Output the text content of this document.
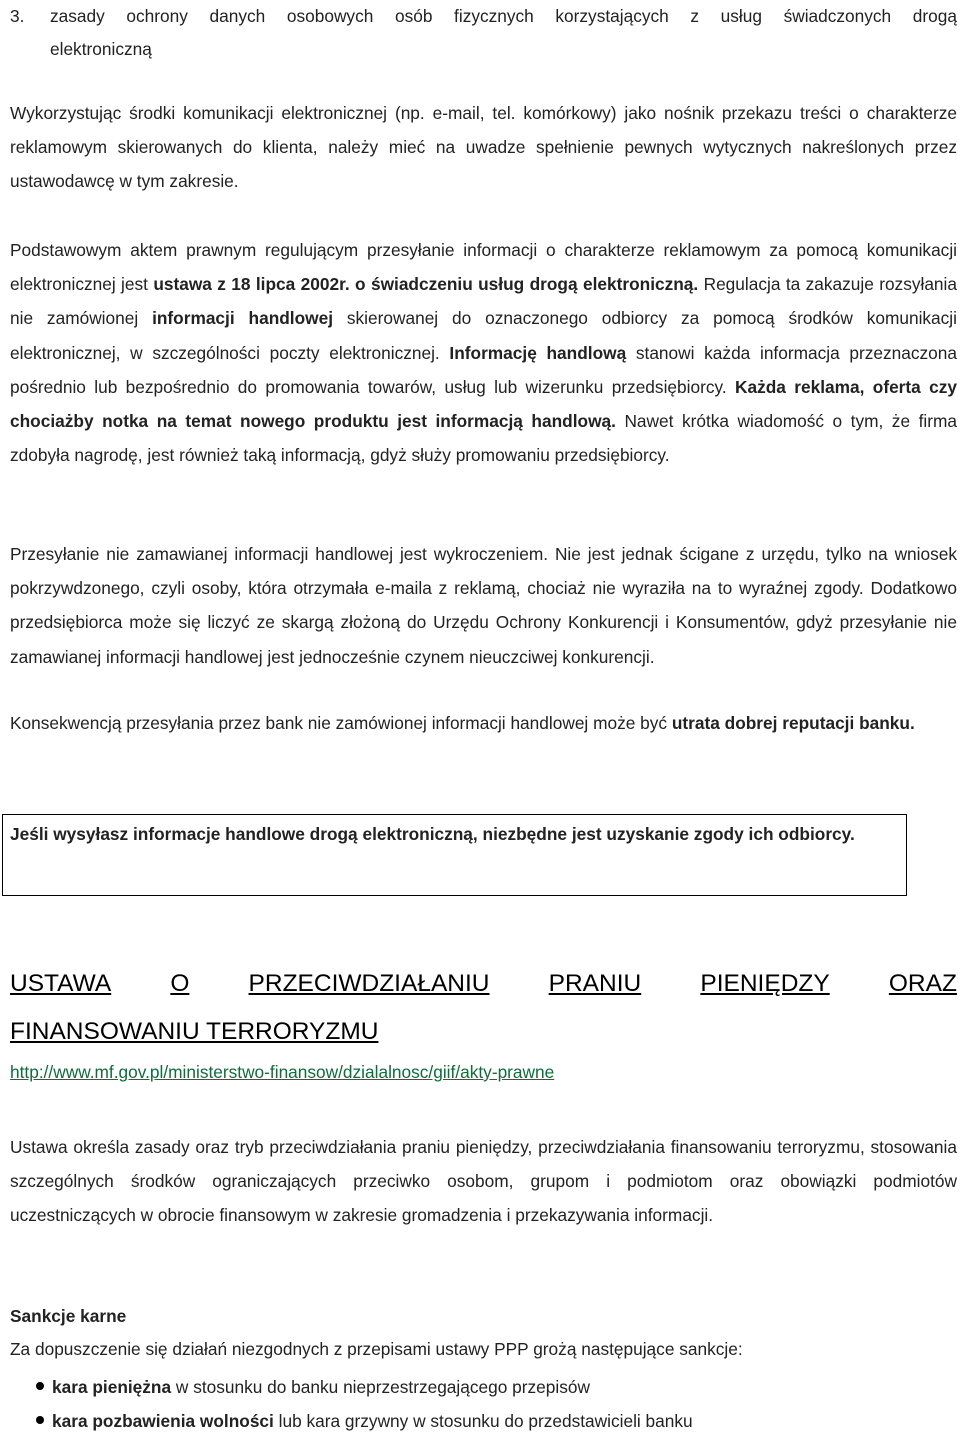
3. zasady ochrony danych osobowych osób fizycznych korzystających z usług świadczonych drogą
elektroniczną

Wykorzystując środki komunikacji elektronicznej (np. e-mail, tel. komórkowy) jako nośnik przekazu treści o charakterze reklamowym skierowanych do klienta, należy mieć na uwadze spełnienie pewnych wytycznych nakreślonych przez ustawodawcę w tym zakresie.

Podstawowym aktem prawnym regulującym przesyłanie informacji o charakterze reklamowym za pomocą komunikacji elektronicznej jest ustawa z 18 lipca 2002r. o świadczeniu usług drogą elektroniczną. Regulacja ta zakazuje rozsyłania nie zamówionej informacji handlowej skierowanej do oznaczonego odbiorcy za pomocą środków komunikacji elektronicznej, w szczególności poczty elektronicznej. Informację handlową stanowi każda informacja przeznaczona pośrednio lub bezpośrednio do promowania towarów, usług lub wizerunku przedsiębiorcy. Każda reklama, oferta czy chociażby notka na temat nowego produktu jest informacją handlową. Nawet krótka wiadomość o tym, że firma zdobyła nagrodę, jest również taką informacją, gdyż służy promowaniu przedsiębiorcy.

Przesyłanie nie zamawianej informacji handlowej jest wykroczeniem. Nie jest jednak ścigane z urzędu, tylko na wniosek pokrzywdzonego, czyli osoby, która otrzymała e-maila z reklamą, chociaż nie wyraziła na to wyraźnej zgody. Dodatkowo przedsiębiorca może się liczyć ze skargą złożoną do Urzędu Ochrony Konkurencji i Konsumentów, gdyż przesyłanie nie zamawianej informacji handlowej jest jednocześnie czynem nieuczciwej konkurencji.

Konsekwencją przesyłania przez bank nie zamówionej informacji handlowej może być utrata dobrej reputacji banku.

Jeśli wysyłasz informacje handlowe drogą elektroniczną, niezbędne jest uzyskanie zgody ich odbiorcy.

USTAWA O PRZECIWDZIAŁANIU PRANIU PIENIĘDZY ORAZ
FINANSOWANIU TERRORYZMU

http://www.mf.gov.pl/ministerstwo-finansow/dzialalnosc/giif/akty-prawne

Ustawa określa zasady oraz tryb przeciwdziałania praniu pieniędzy, przeciwdziałania finansowaniu terroryzmu, stosowania szczególnych środków ograniczających przeciwko osobom, grupom i podmiotom oraz obowiązki podmiotów uczestniczących w obrocie finansowym w zakresie gromadzenia i przekazywania informacji.

Sankcje karne

Za dopuszczenie się działań niezgodnych z przepisami ustawy PPP grożą następujące sankcje:

kara pieniężna w stosunku do banku nieprzestrzegającego przepisów
kara pozbawienia wolności lub kara grzywny w stosunku do przedstawicieli banku
